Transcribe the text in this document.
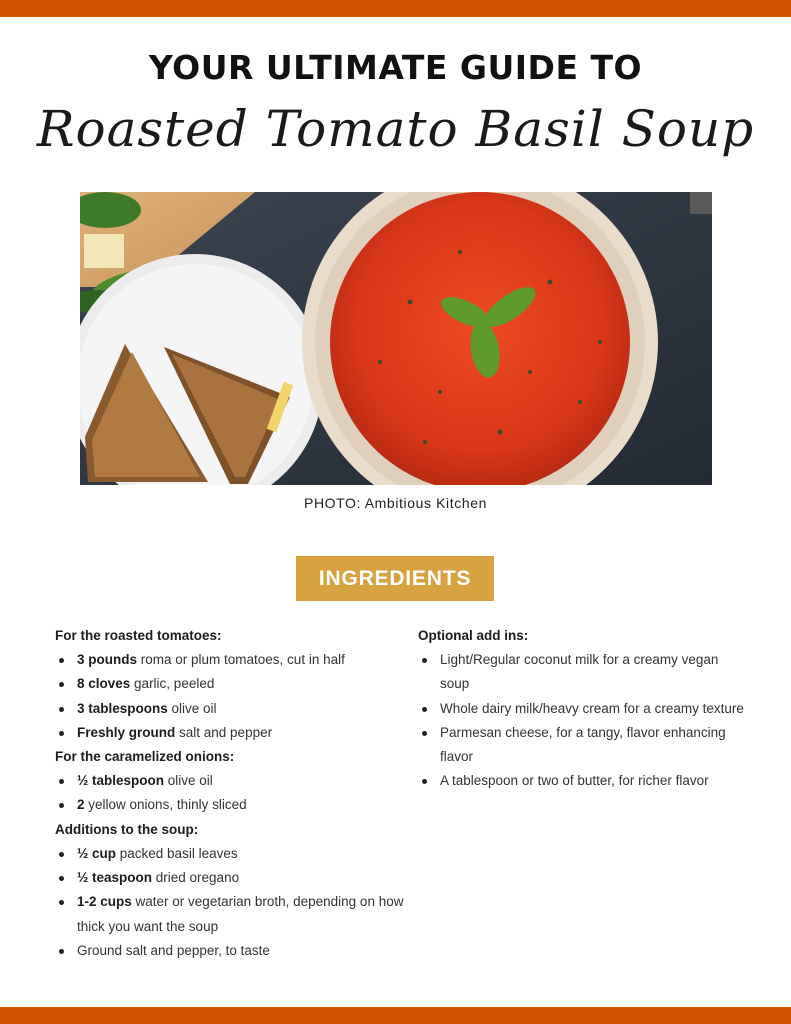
YOUR ULTIMATE GUIDE TO
Roasted Tomato Basil Soup
PHOTO: Ambitious Kitchen
INGREDIENTS
For the roasted tomatoes:
3 pounds roma or plum tomatoes, cut in half
8 cloves garlic, peeled
3 tablespoons olive oil
Freshly ground salt and pepper
For the caramelized onions:
½ tablespoon olive oil
2 yellow onions, thinly sliced
Additions to the soup:
½ cup packed basil leaves
½ teaspoon dried oregano
1-2 cups water or vegetarian broth, depending on how thick you want the soup
Ground salt and pepper, to taste
Optional add ins:
Light/Regular coconut milk for a creamy vegan soup
Whole dairy milk/heavy cream for a creamy texture
Parmesan cheese, for a tangy, flavor enhancing flavor
A tablespoon or two of butter, for richer flavor
